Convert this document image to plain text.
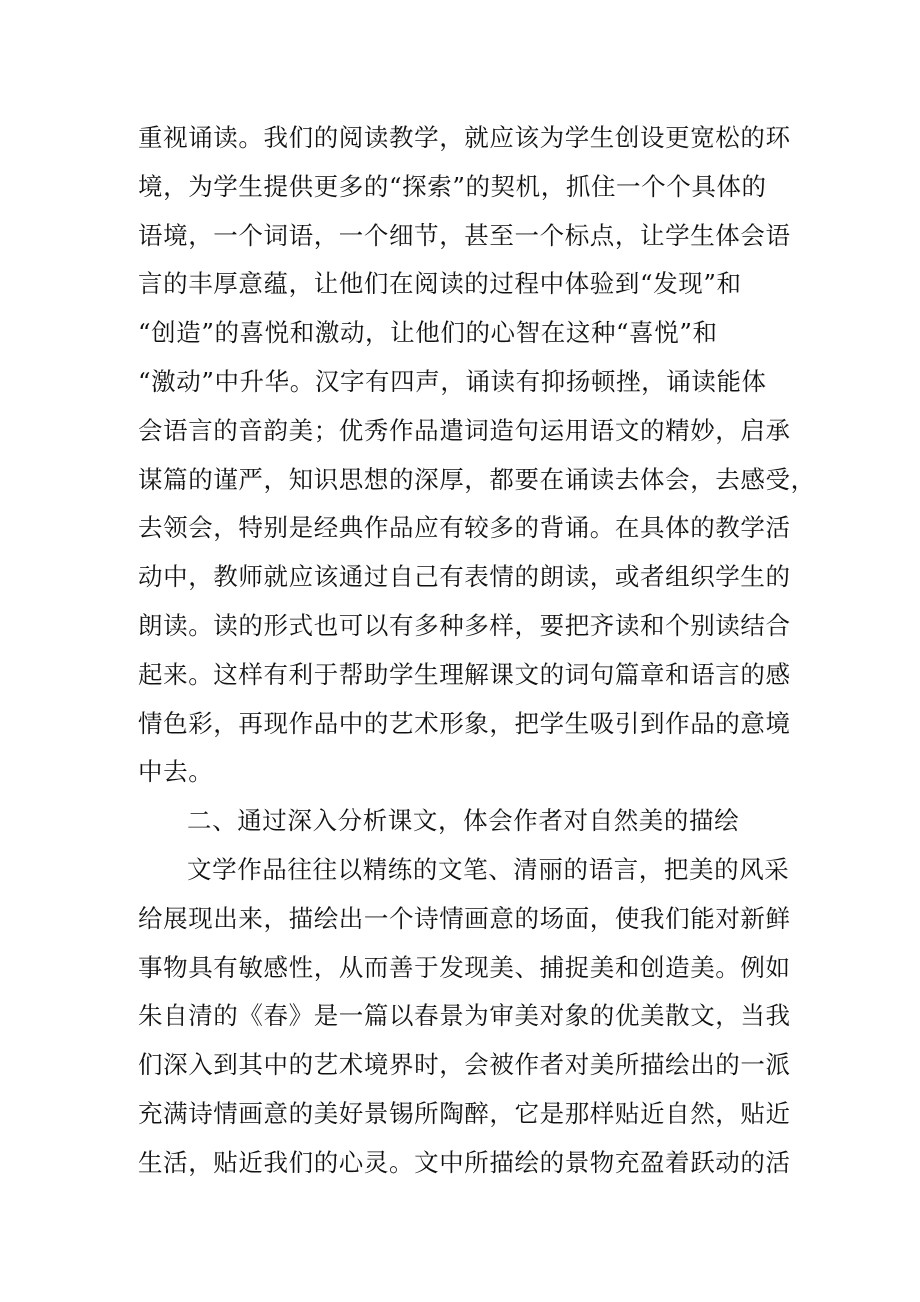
重视诵读。我们的阅读教学，就应该为学生创设更宽松的环
境，为学生提供更多的“探索”的契机，抓住一个个具体的
语境，一个词语，一个细节，甚至一个标点，让学生体会语
言的丰厚意蕴，让他们在阅读的过程中体验到“发现”和
“创造”的喜悦和激动，让他们的心智在这种“喜悦”和
“激动”中升华。汉字有四声，诵读有抑扬顿挫，诵读能体
会语言的音韵美；优秀作品遣词造句运用语文的精妙，启承
谋篇的谨严，知识思想的深厚，都要在诵读去体会，去感受，
去领会，特别是经典作品应有较多的背诵。在具体的教学活
动中，教师就应该通过自己有表情的朗读，或者组织学生的
朗读。读的形式也可以有多种多样，要把齐读和个别读结合
起来。这样有利于帮助学生理解课文的词句篇章和语言的感
情色彩，再现作品中的艺术形象，把学生吸引到作品的意境
中去。
二、通过深入分析课文，体会作者对自然美的描绘
文学作品往往以精练的文笔、清丽的语言，把美的风采
给展现出来，描绘出一个诗情画意的场面，使我们能对新鲜
事物具有敏感性，从而善于发现美、捕捉美和创造美。例如
朱自清的《春》是一篇以春景为审美对象的优美散文，当我
们深入到其中的艺术境界时，会被作者对美所描绘出的一派
充满诗情画意的美好景锡所陶醉，它是那样贴近自然，贴近
生活，贴近我们的心灵。文中所描绘的景物充盈着跃动的活
